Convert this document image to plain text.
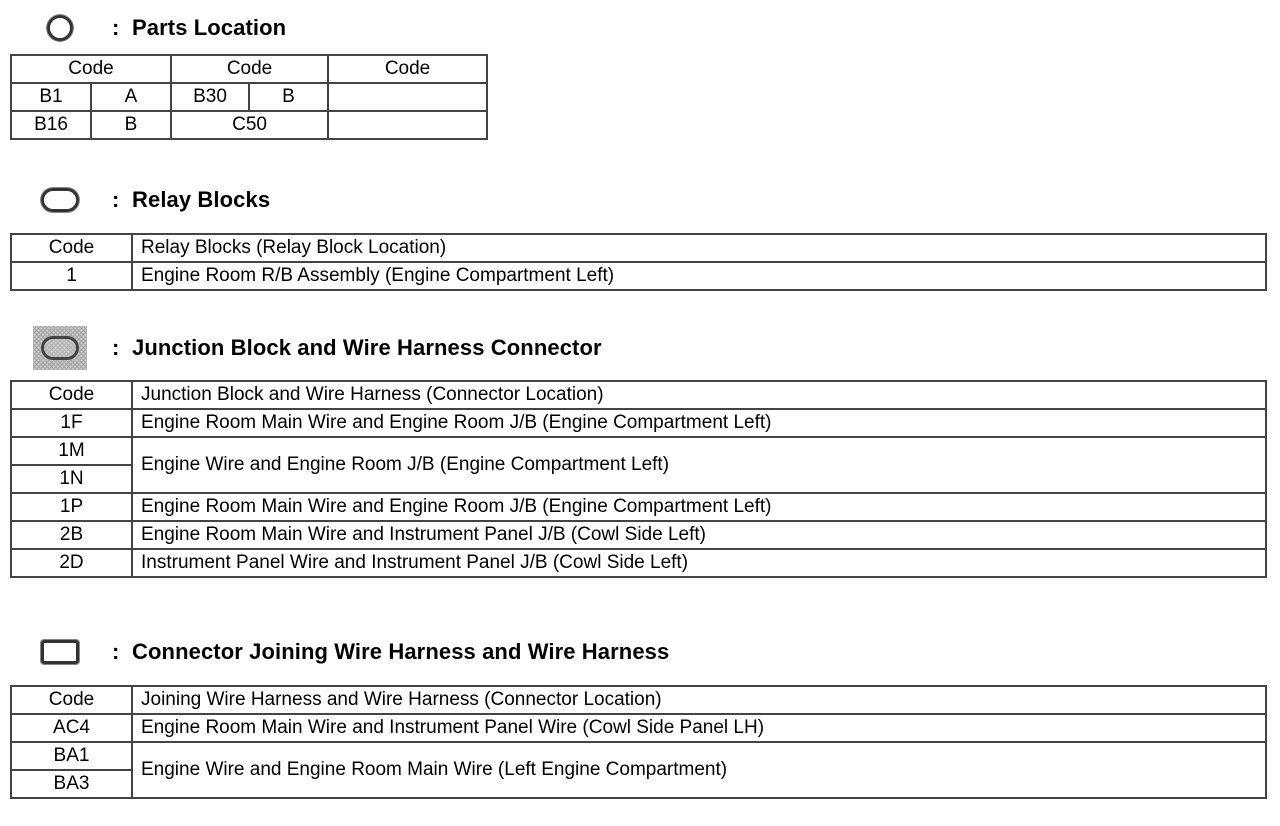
: Parts Location
Code		Code		Code
B1	A	B30	B	
B16	B	C50		
: Relay Blocks
Code	Relay Blocks (Relay Block Location)
1	Engine Room R/B Assembly (Engine Compartment Left)
: Junction Block and Wire Harness Connector
Code	Junction Block and Wire Harness (Connector Location)
1F	Engine Room Main Wire and Engine Room J/B (Engine Compartment Left)
1M	Engine Wire and Engine Room J/B (Engine Compartment Left)
1N	
1P	Engine Room Main Wire and Engine Room J/B (Engine Compartment Left)
2B	Engine Room Main Wire and Instrument Panel J/B (Cowl Side Left)
2D	Instrument Panel Wire and Instrument Panel J/B (Cowl Side Left)
: Connector Joining Wire Harness and Wire Harness
Code	Joining Wire Harness and Wire Harness (Connector Location)
AC4	Engine Room Main Wire and Instrument Panel Wire (Cowl Side Panel LH)
BA1	Engine Wire and Engine Room Main Wire (Left Engine Compartment)
BA3	
